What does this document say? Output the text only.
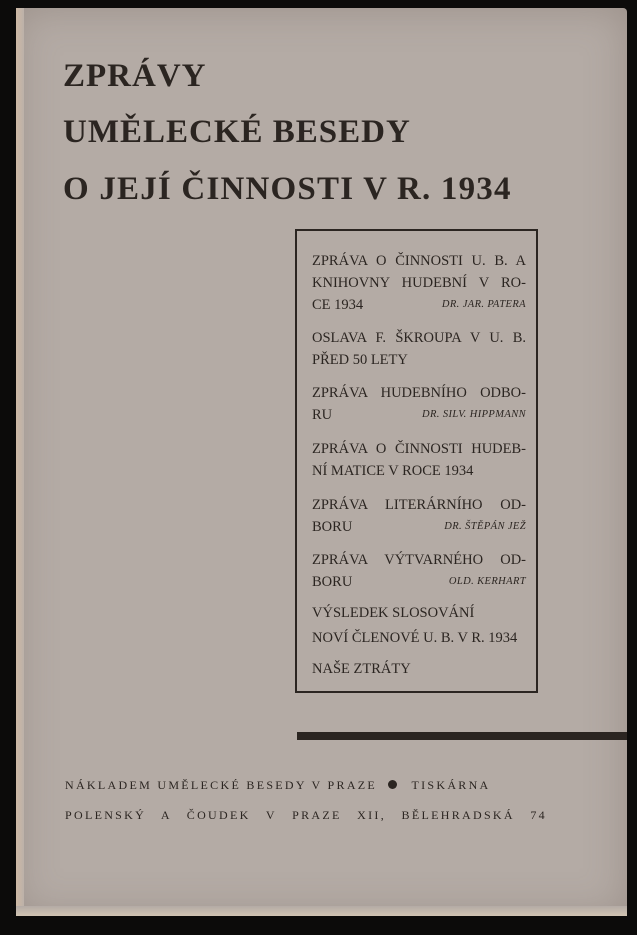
ZPRÁVY
UMĚLECKÉ BESEDY
O JEJÍ ČINNOSTI V R. 1934
ZPRÁVA O ČINNOSTI U. B. A
KNIHOVNY HUDEBNÍ V RO-
DR. JAR. PATERA
CE 1934
OSLAVA F. ŠKROUPA V U. B.
PŘED 50 LETY
ZPRÁVA HUDEBNÍHO ODBO-
DR. SILV. HIPPMANN
RU
ZPRÁVA O ČINNOSTI HUDEB-
NÍ MATICE V ROCE 1934
ZPRÁVA LITERÁRNÍHO OD-
DR. ŠTĚPÁN JEŽ
BORU
ZPRÁVA VÝTVARNÉHO OD-
OLD. KERHART
BORU
VÝSLEDEK SLOSOVÁNÍ
NOVÍ ČLENOVÉ U. B. V R. 1934
NAŠE ZTRÁTY
NÁKLADEM UMĚLECKÉ BESEDY V PRAZE	TISKÁRNA
POLENSKÝ A ČOUDEK V PRAZE XII, BĚLEHRADSKÁ 74
